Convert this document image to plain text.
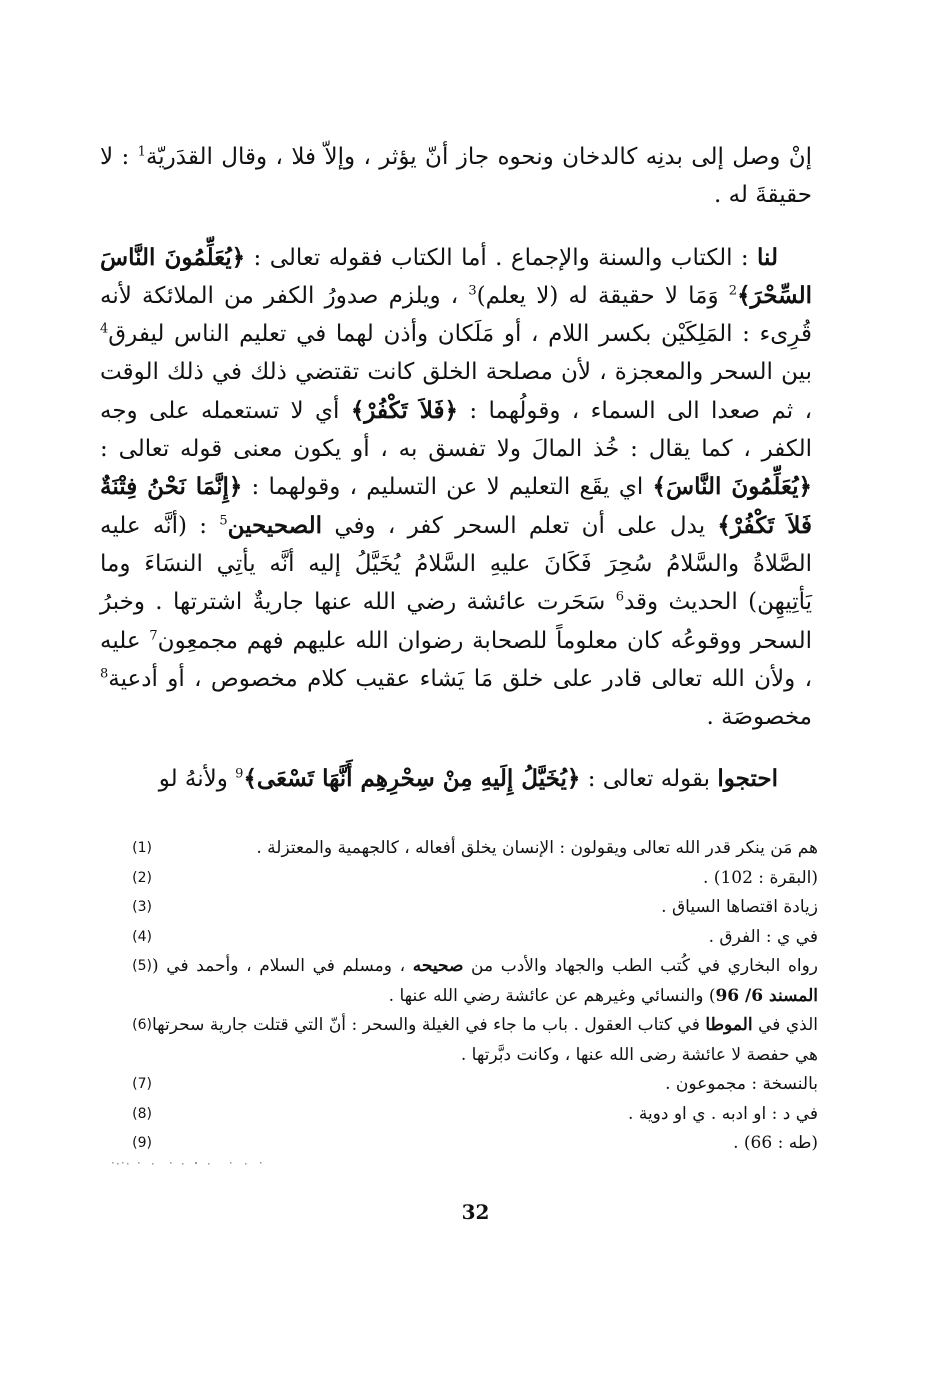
إنْ وصل إلى بدنِه كالدخان ونحوه جاز أنّ يؤثر ، وإلاّ فلا ، وقال القدَريّة$^1$ : لا حقيقةَ له .

لنا : الكتاب والسنة والإجماع . أما الكتاب فقوله تعالى : ﴿يُعَلِّمُونَ النَّاسَ السِّحْرَ﴾$^2$ وَمَا لا حقيقة له (لا يعلم)$^3$ ، ويلزم صدورُ الكفر من الملائكة لأنه قُرِىء : المَلِكَيْن بكسر اللام ، أو مَلَكان وأذن لهما في تعليم الناس ليفرق$^4$ بين السحر والمعجزة ، لأن مصلحة الخلق كانت تقتضي ذلك في ذلك الوقت ، ثم صعدا الى السماء ، وقولُهما : ﴿فَلاَ تَكْفُرْ﴾ أي لا تستعمله على وجه الكفر ، كما يقال : خُذ المالَ ولا تفسق به ، أو يكون معنى قوله تعالى : ﴿يُعَلِّمُونَ النَّاسَ﴾ اي يقَع التعليم لا عن التسليم ، وقولهما : ﴿إِنَّمَا نَحْنُ فِتْنَةٌ فَلاَ تَكْفُرْ﴾ يدل على أن تعلم السحر كفر ، وفي الصحيحين$^5$ : (أنَّه عليه الصَّلاةُ والسَّلامُ سُحِرَ فَكَانَ عليهِ السَّلامُ يُخَيَّلُ إليه أنَّه يأتِي النسَاءَ وما يَأتِيهِن) الحديث وقد$^6$ سَحَرت عائشة رضي الله عنها جاريةٌ اشترتها . وخبرُ السحر ووقوعُه كان معلوماً للصحابة رضوان الله عليهم فهم مجمعِون$^7$ عليه ، ولأن الله تعالى قادر على خلق مَا يَشاء عقيب كلام مخصوص ، أو أدعية$^8$ مخصوصَة .

احتجوا بقوله تعالى : ﴿يُخَيَّلُ إِلَيهِ مِنْ سِحْرِهِم أَنَّهَا تَسْعَى﴾$^9$ ولأنهُ لو

هم مَن ينكر قدر الله تعالى ويقولون : الإنسان يخلق أفعاله ، كالجهمية والمعتزلة .
(1)
(البقرة : 102) .
(2)
زيادة اقتصاها السياق .
(3)
في ي : الفرق .
(4)
رواه البخاري في كُتب الطب والجهاد والأدب من صحيحه ، ومسلم في السلام ، وأحمد في ( المسند 6/ 96) والنسائي وغيرهم عن عائشة رضي الله عنها .
(5)
الذي في الموطا في كتاب العقول . باب ما جاء في الغيلة والسحر : أنّ التي قتلت جارية سحرتها هي حفصة لا عائشة رضى الله عنها ، وكانت دبَّرتها .
(6)
بالنسخة : مجموعون .
(7)
في د : او ادبه . ي او دوية .
(8)
(طه : 66) .
(9)
32
